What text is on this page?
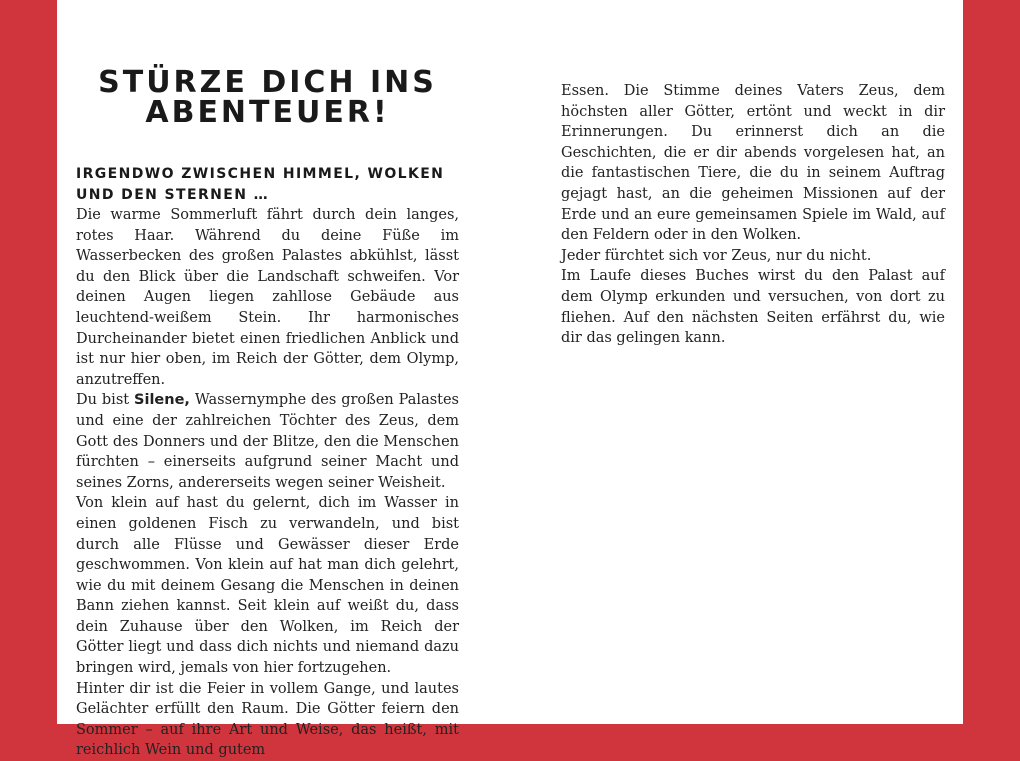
STÜRZE DICH INS
ABENTEUER!
IRGENDWO ZWISCHEN HIMMEL, WOLKEN
UND DEN STERNEN …

Die warme Sommerluft fährt durch dein langes, rotes Haar. Während du deine Füße im Wasserbecken des großen Palastes abkühlst, lässt du den Blick über die Landschaft schweifen. Vor deinen Augen liegen zahllose Gebäude aus leuchtend-weißem Stein. Ihr harmonisches Durcheinander bietet einen friedlichen Anblick und ist nur hier oben, im Reich der Götter, dem Olymp, anzutreffen.

Du bist Silene, Wassernymphe des großen Palastes und eine der zahlreichen Töchter des Zeus, dem Gott des Donners und der Blitze, den die Menschen fürchten – einerseits aufgrund seiner Macht und seines Zorns, andererseits wegen seiner Weisheit.

Von klein auf hast du gelernt, dich im Wasser in einen goldenen Fisch zu verwandeln, und bist durch alle Flüsse und Gewässer dieser Erde geschwommen. Von klein auf hat man dich gelehrt, wie du mit deinem Gesang die Menschen in deinen Bann ziehen kannst. Seit klein auf weißt du, dass dein Zuhause über den Wolken, im Reich der Götter liegt und dass dich nichts und niemand dazu bringen wird, jemals von hier fortzugehen.

Hinter dir ist die Feier in vollem Gange, und lautes Gelächter erfüllt den Raum. Die Götter feiern den Sommer – auf ihre Art und Weise, das heißt, mit reichlich Wein und gutem

Essen. Die Stimme deines Vaters Zeus, dem höchsten aller Götter, ertönt und weckt in dir Erinnerungen. Du erinnerst dich an die Geschichten, die er dir abends vorgelesen hat, an die fantastischen Tiere, die du in seinem Auftrag gejagt hast, an die geheimen Missionen auf der Erde und an eure gemeinsamen Spiele im Wald, auf den Feldern oder in den Wolken.

Jeder fürchtet sich vor Zeus, nur du nicht.

Im Laufe dieses Buches wirst du den Palast auf dem Olymp erkunden und versuchen, von dort zu fliehen. Auf den nächsten Seiten erfährst du, wie dir das gelingen kann.
